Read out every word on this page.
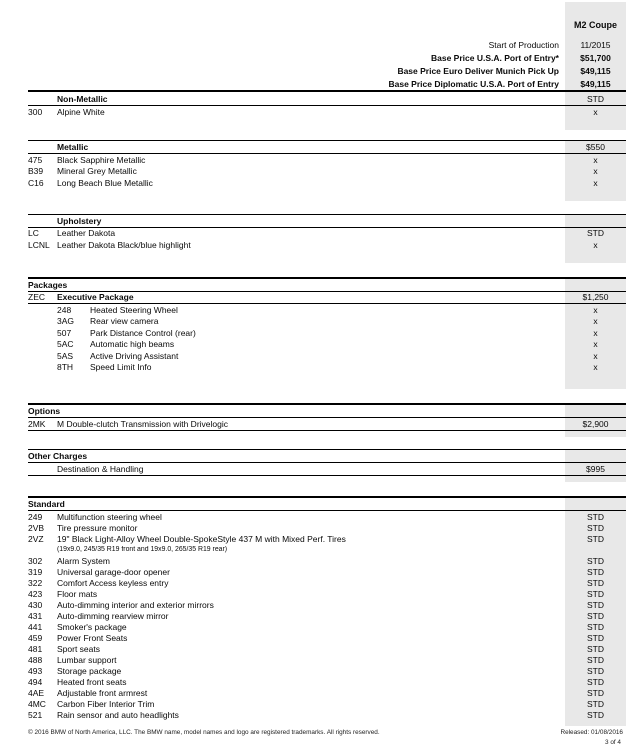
M2 Coupe
Start of Production	11/2015
Base Price U.S.A. Port of Entry*	$51,700
Base Price Euro Deliver Munich Pick Up	$49,115
Base Price Diplomatic U.S.A. Port of Entry	$49,115
Non-Metallic	STD
300	Alpine White	x
Metallic	$550
475	Black Sapphire Metallic	x
B39	Mineral Grey Metallic	x
C16	Long Beach Blue Metallic	x
Upholstery
LC	Leather Dakota	STD
LCNL Leather Dakota Black/blue highlight	x
Packages
ZEC	Executive Package	$1,250
248	Heated Steering Wheel	x
3AG	Rear view camera	x
507	Park Distance Control (rear)	x
5AC	Automatic high beams	x
5AS	Active Driving Assistant	x
8TH	Speed Limit Info	x
Options
2MK	M Double-clutch Transmission with Drivelogic	$2,900
Other Charges
Destination & Handling	$995
Standard
249	Multifunction steering wheel	STD
2VB	Tire pressure monitor	STD
2VZ	19" Black Light-Alloy Wheel Double-SpokeStyle 437 M with Mixed Perf. Tires	STD
(19x9.0, 245/35 R19 front and 19x9.0, 265/35 R19 rear)
302	Alarm System	STD
319	Universal garage-door opener	STD
322	Comfort Access keyless entry	STD
423	Floor mats	STD
430	Auto-dimming interior and exterior mirrors	STD
431	Auto-dimming rearview mirror	STD
441	Smoker's package	STD
459	Power Front Seats	STD
481	Sport seats	STD
488	Lumbar support	STD
493	Storage package	STD
494	Heated front seats	STD
4AE	Adjustable front armrest	STD
4MC	Carbon Fiber Interior Trim	STD
521	Rain sensor and auto headlights	STD
© 2016 BMW of North America, LLC. The BMW name, model names and logo are registered trademarks. All rights reserved.	Released: 01/08/2016
3 of 4
